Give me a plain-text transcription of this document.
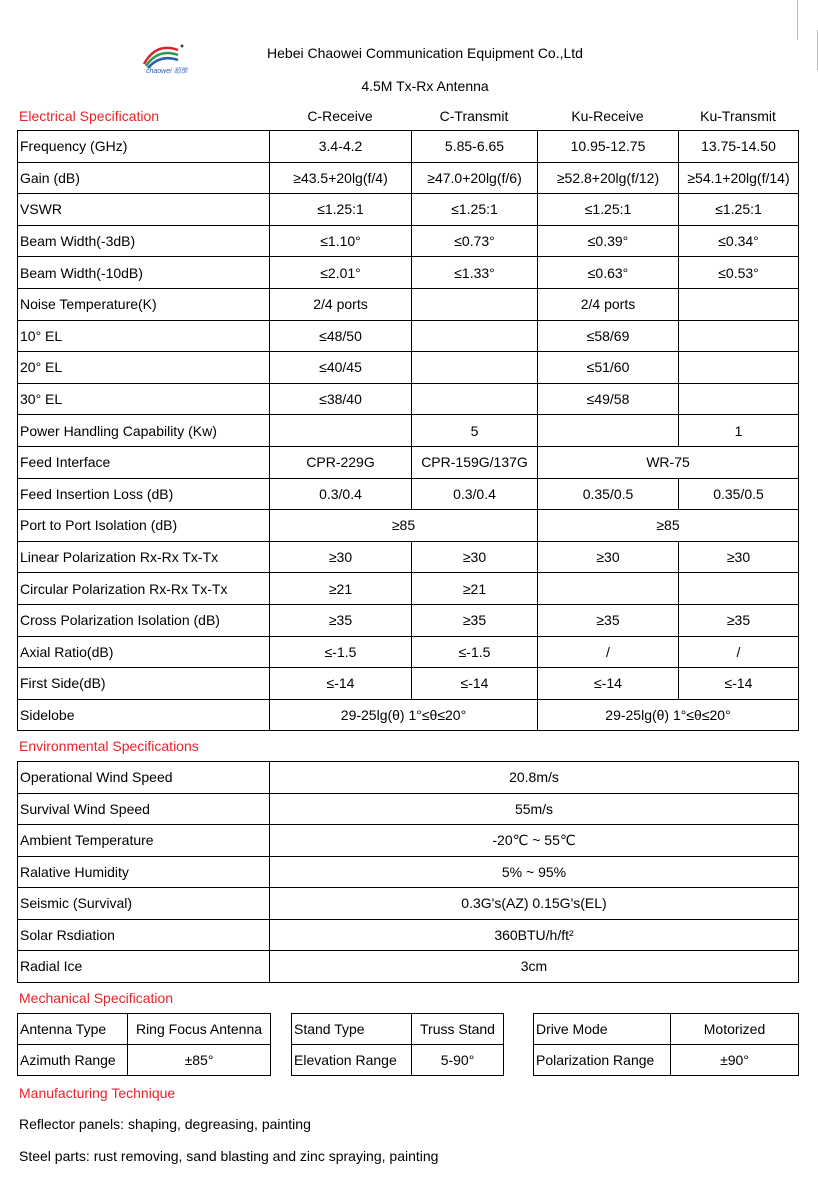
chaowei 超维
Hebei Chaowei Communication Equipment Co.,Ltd
4.5M Tx-Rx Antenna
Electrical Specification	C-Receive	C-Transmit	Ku-Receive	Ku-Transmit
Frequency (GHz)	3.4-4.2	5.85-6.65	10.95-12.75	13.75-14.50
Gain (dB)	≥43.5+20lg(f/4)	≥47.0+20lg(f/6)	≥52.8+20lg(f/12)	≥54.1+20lg(f/14)
VSWR	≤1.25:1	≤1.25:1	≤1.25:1	≤1.25:1
Beam Width(-3dB)	≤1.10°	≤0.73°	≤0.39°	≤0.34°
Beam Width(-10dB)	≤2.01°	≤1.33°	≤0.63°	≤0.53°
Noise Temperature(K)	2/4 ports		2/4 ports	
10° EL	≤48/50		≤58/69	
20° EL	≤40/45		≤51/60	
30° EL	≤38/40		≤49/58	
Power Handling Capability (Kw)		5		1
Feed Interface	CPR-229G	CPR-159G/137G	WR-75	
Feed Insertion Loss (dB)	0.3/0.4	0.3/0.4	0.35/0.5	0.35/0.5
Port to Port Isolation (dB)	≥85		≥85	
Linear Polarization Rx-Rx Tx-Tx	≥30	≥30	≥30	≥30
Circular Polarization Rx-Rx Tx-Tx	≥21	≥21		
Cross Polarization Isolation (dB)	≥35	≥35	≥35	≥35
Axial Ratio(dB)	≤-1.5	≤-1.5	/	/
First Side(dB)	≤-14	≤-14	≤-14	≤-14
Sidelobe	29-25lg(θ) 1°≤θ≤20°		29-25lg(θ) 1°≤θ≤20°	
Environmental Specifications
Operational Wind Speed	20.8m/s
Survival Wind Speed	55m/s
Ambient Temperature	-20℃ ~ 55℃
Ralative Humidity	5% ~ 95%
Seismic (Survival)	0.3G's(AZ) 0.15G's(EL)
Solar Rsdiation	360BTU/h/ft²
Radial Ice	3cm
Mechanical Specification
Antenna Type	Ring Focus Antenna
Azimuth Range	±85°
Stand Type	Truss Stand
Elevation Range	5-90°
Drive Mode	Motorized
Polarization Range	±90°
Manufacturing Technique
Reflector panels: shaping, degreasing, painting
Steel parts: rust removing, sand blasting and zinc spraying, painting
